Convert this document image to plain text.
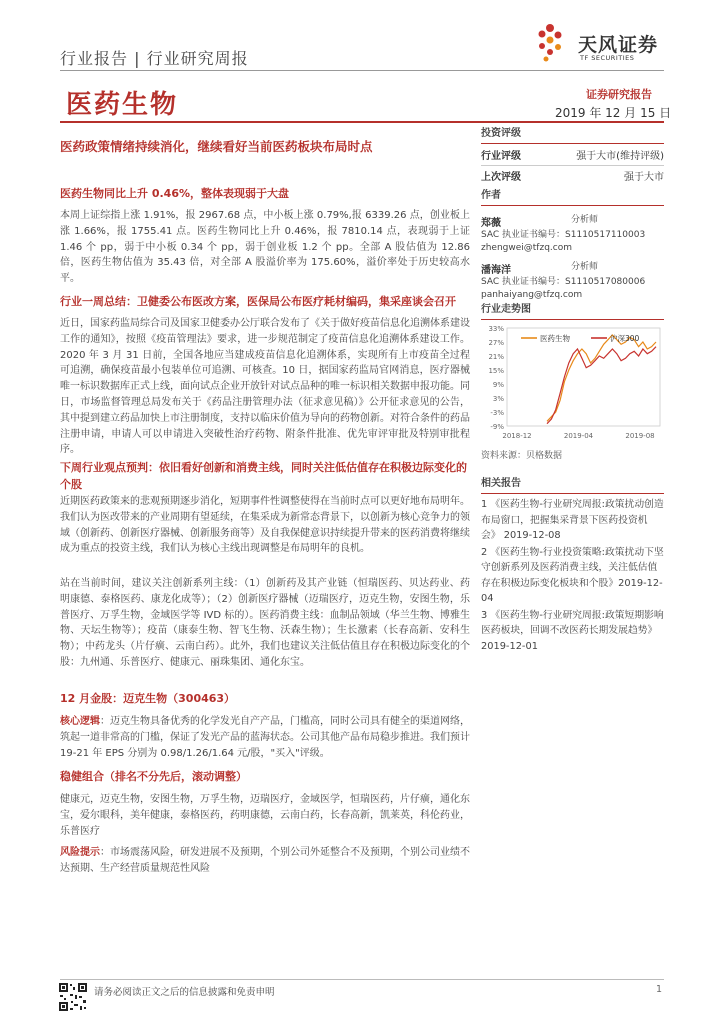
行业报告 | 行业研究周报
医药生物
天风证券
TF SECURITIES
证券研究报告
2019 年 12 月 15 日
医药政策情绪持续消化，继续看好当前医药板块布局时点
医药生物同比上升 0.46%，整体表现弱于大盘
本周上证综指上涨 1.91%，报 2967.68 点，中小板上涨 0.79%,报 6339.26 点，创业板上涨 1.66%，报 1755.41 点。医药生物同比上升 0.46%，报 7810.14 点，表现弱于上证 1.46 个 pp，弱于中小板 0.34 个 pp，弱于创业板 1.2 个 pp。全部 A 股估值为 12.86 倍，医药生物估值为 35.43 倍，对全部 A 股溢价率为 175.60%，溢价率处于历史较高水平。
行业一周总结：卫健委公布医改方案，医保局公布医疗耗材编码，集采座谈会召开
近日，国家药监局综合司及国家卫健委办公厅联合发布了《关于做好疫苗信息化追溯体系建设工作的通知》，按照《疫苗管理法》要求，进一步规范制定了疫苗信息化追溯体系建设工作。2020 年 3 月 31 日前，全国各地应当建成疫苗信息化追溯体系，实现所有上市疫苗全过程可追溯，确保疫苗最小包装单位可追溯、可核查。10 日，据国家药监局官网消息，医疗器械唯一标识数据库正式上线，面向试点企业开放针对试点品种的唯一标识相关数据申报功能。同日，市场监督管理总局发布关于《药品注册管理办法（征求意见稿）》公开征求意见的公告，其中提到建立药品加快上市注册制度，支持以临床价值为导向的药物创新。对符合条件的药品注册申请，申请人可以申请进入突破性治疗药物、附条件批准、优先审评审批及特别审批程序。
下周行业观点预判：依旧看好创新和消费主线，同时关注低估值存在积极边际变化的个股
近期医药政策来的悲观预期逐步消化，短期事件性调整使得在当前时点可以更好地布局明年。我们认为医改带来的产业周期有望延续，在集采成为新常态背景下，以创新为核心竞争力的领域（创新药、创新医疗器械、创新服务商等）及自我保健意识持续提升带来的医药消费将继续成为重点的投资主线，我们认为核心主线出现调整是布局明年的良机。
站在当前时间，建议关注创新系列主线：（1）创新药及其产业链（恒瑞医药、贝达药业、药明康德、泰格医药、康龙化成等）；（2）创新医疗器械（迈瑞医疗，迈克生物，安图生物，乐普医疗、万孚生物，金域医学等 IVD 标的）。医药消费主线：血制品领域（华兰生物、博雅生物、天坛生物等）；疫苗（康泰生物、智飞生物、沃森生物）；生长激素（长春高新、安科生物）；中药龙头（片仔癀、云南白药）。此外，我们也建议关注低估值且存在积极边际变化的个股：九州通、乐普医疗、健康元、丽珠集团、通化东宝。
12 月金股：迈克生物（300463）
核心逻辑：迈克生物具备优秀的化学发光自产产品，门槛高，同时公司具有健全的渠道网络，筑起一道非常高的门槛，保证了发光产品的蓝海状态。公司其他产品布局稳步推进。我们预计 19-21 年 EPS 分别为 0.98/1.26/1.64 元/股，"买入"评级。
稳健组合（排名不分先后，滚动调整）
健康元，迈克生物，安图生物，万孚生物，迈瑞医疗，金域医学，恒瑞医药，片仔癀，通化东宝，爱尔眼科，美年健康，泰格医药，药明康德，云南白药，长春高新，凯莱英，科伦药业，乐普医疗
风险提示：市场震荡风险，研发进展不及预期，个别公司外延整合不及预期，个别公司业绩不达预期、生产经营质量规范性风险
投资评级
行业评级	强于大市(维持评级)
上次评级	强于大市
作者
郑薇	分析师
SAC 执业证书编号：S1110517110003
zhengwei@tfzq.com
潘海洋	分析师
SAC 执业证书编号：S1110517080006
panhaiyang@tfzq.com
行业走势图
-9%
-3%
3%
9%
15%
21%
27%
33%
2018-12	2019-04	2019-08
医药生物	沪深300
资料来源：贝格数据
相关报告
1 《医药生物-行业研究周报:政策扰动创造布局窗口，把握集采背景下医药投资机会》 2019-12-08
2 《医药生物-行业投资策略:政策扰动下坚守创新系列及医药消费主线，关注低估值存在积极边际变化板块和个股》2019-12-04
3 《医药生物-行业研究周报:政策短期影响医药板块，回调不改医药长期发展趋势》 2019-12-01
请务必阅读正文之后的信息披露和免责申明	1
